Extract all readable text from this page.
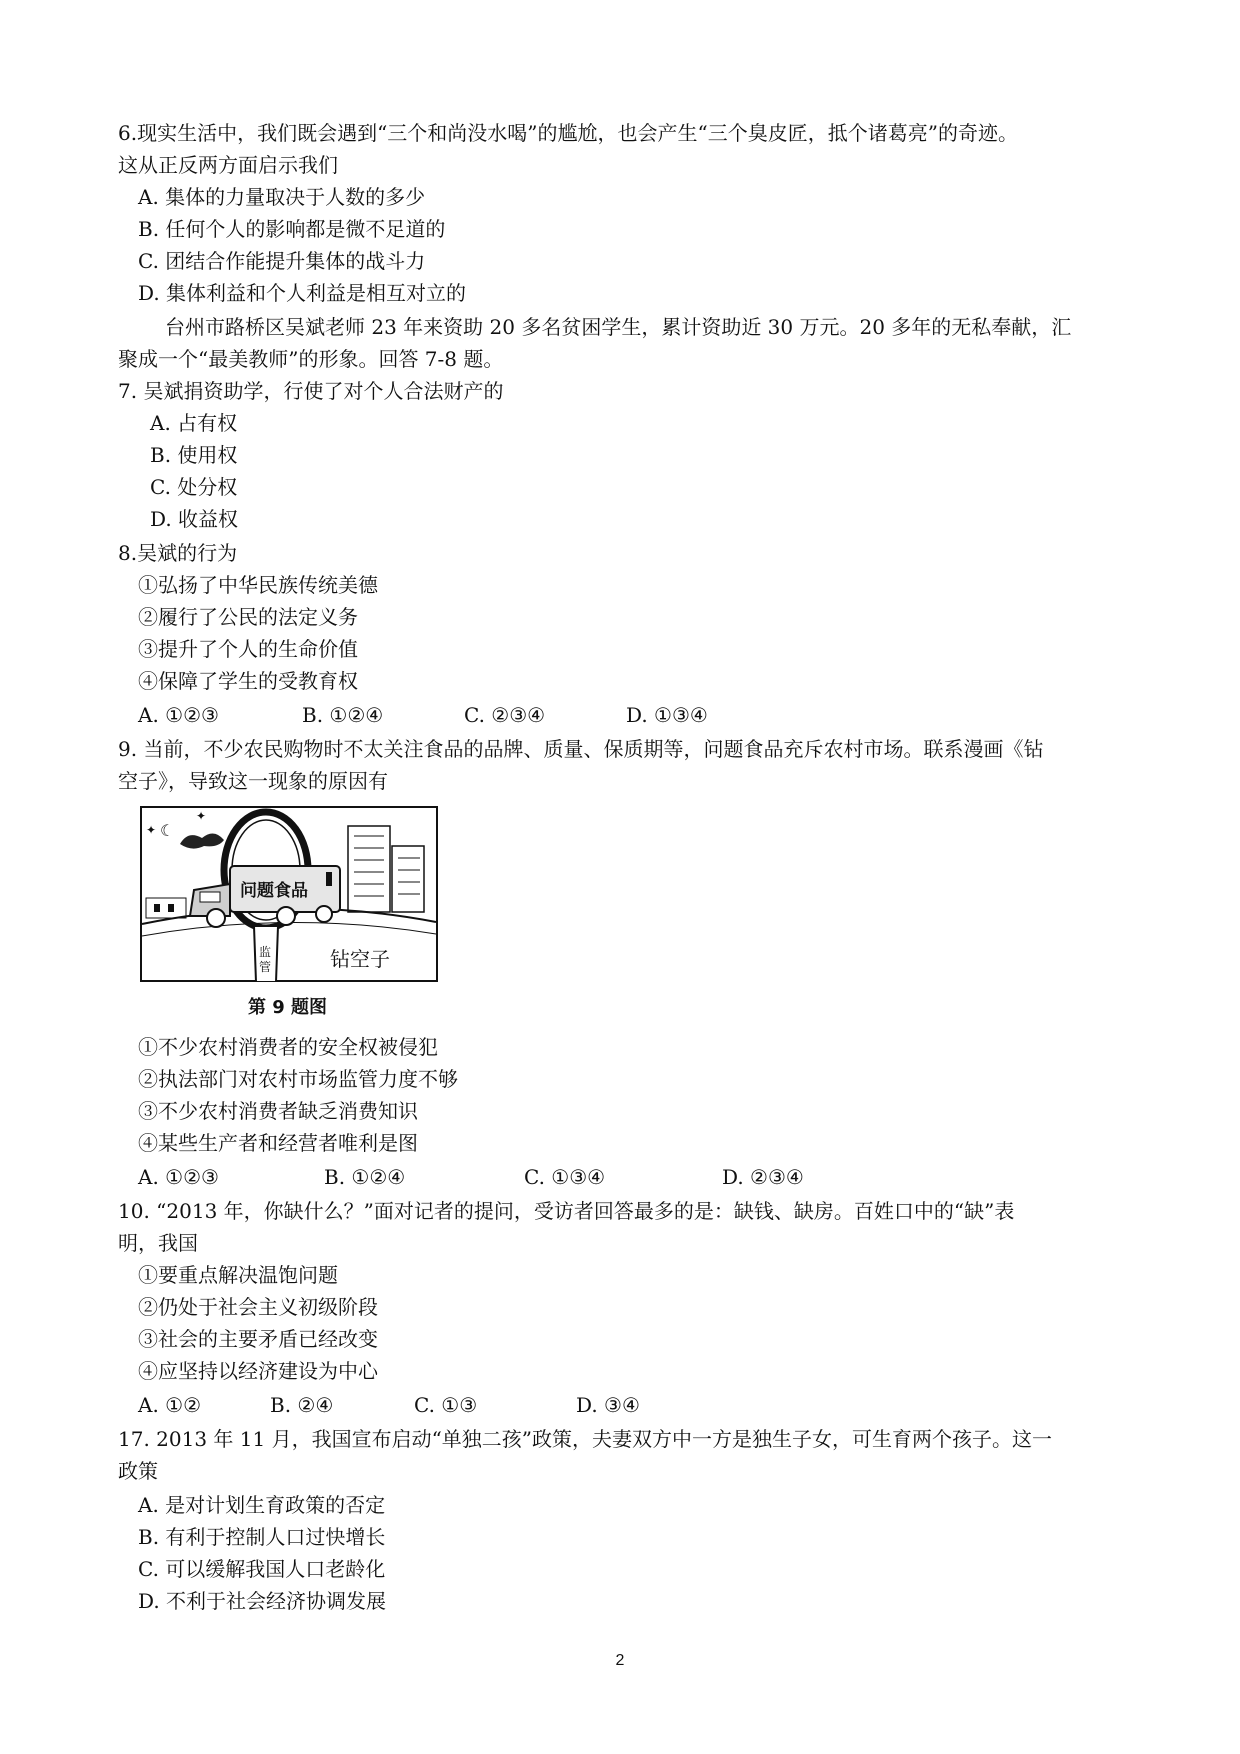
6.现实生活中，我们既会遇到“三个和尚没水喝”的尴尬，也会产生“三个臭皮匠，抵个诸葛亮”的奇迹。
这从正反两方面启示我们
A. 集体的力量取决于人数的多少
B. 任何个人的影响都是微不足道的
C. 团结合作能提升集体的战斗力
D. 集体利益和个人利益是相互对立的
台州市路桥区吴斌老师 23 年来资助 20 多名贫困学生，累计资助近 30 万元。20 多年的无私奉献，汇
聚成一个“最美教师”的形象。回答 7-8 题。
7. 吴斌捐资助学，行使了对个人合法财产的
A. 占有权
B. 使用权
C. 处分权
D. 收益权
8.吴斌的行为
①弘扬了中华民族传统美德
②履行了公民的法定义务
③提升了个人的生命价值
④保障了学生的受教育权
A. ①②③	B. ①②④	C. ②③④	D. ①③④
9. 当前，不少农民购物时不太关注食品的品牌、质量、保质期等，问题食品充斥农村市场。联系漫画《钻
空子》，导致这一现象的原因有
☾
✦
✦
问题食品
监
管	钻空子
第 9 题图
①不少农村消费者的安全权被侵犯
②执法部门对农村市场监管力度不够
③不少农村消费者缺乏消费知识
④某些生产者和经营者唯利是图
A. ①②③	B. ①②④	C. ①③④	D. ②③④
10. “2013 年，你缺什么？”面对记者的提问，受访者回答最多的是：缺钱、缺房。百姓口中的“缺”表
明，我国
①要重点解决温饱问题
②仍处于社会主义初级阶段
③社会的主要矛盾已经改变
④应坚持以经济建设为中心
A. ①②	B. ②④	C. ①③	D. ③④
17. 2013 年 11 月，我国宣布启动“单独二孩”政策，夫妻双方中一方是独生子女，可生育两个孩子。这一
政策
A. 是对计划生育政策的否定
B. 有利于控制人口过快增长
C. 可以缓解我国人口老龄化
D. 不利于社会经济协调发展
2
